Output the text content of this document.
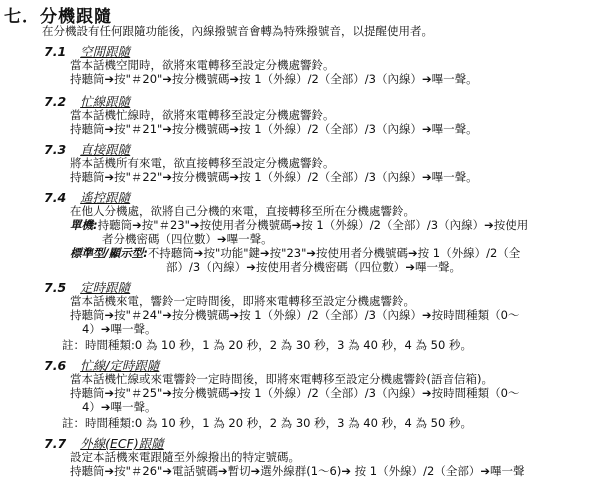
七．分機跟隨
在分機設有任何跟隨功能後，內線撥號音會轉為特殊撥號音，以提醒使用者。
7.1 空閒跟隨
當本話機空閒時，欲將來電轉移至設定分機處響鈴。
持聽筒➔按"＃20"➔按分機號碼➔按 1（外線）/2（全部）/3（內線）➔嗶一聲。
7.2 忙線跟隨
當本話機忙線時，欲將來電轉移至設定分機處響鈴。
持聽筒➔按"＃21"➔按分機號碼➔按 1（外線）/2（全部）/3（內線）➔嗶一聲。
7.3 直接跟隨
將本話機所有來電，欲直接轉移至設定分機處響鈴。
持聽筒➔按"＃22"➔按分機號碼➔按 1（外線）/2（全部）/3（內線）➔嗶一聲。
7.4 遙控跟隨
在他人分機處，欲將自己分機的來電，直接轉移至所在分機處響鈴。
單機:持聽筒➔按"＃23"➔按使用者分機號碼➔按 1（外線）/2（全部）/3（內線）➔按使用
者分機密碼（四位數）➔嗶一聲。
標準型/顯示型:不持聽筒➔按"功能"鍵➔按"23"➔按使用者分機號碼➔按 1（外線）/2（全
部）/3（內線）➔按使用者分機密碼（四位數）➔嗶一聲。
7.5 定時跟隨
當本話機來電，響鈴一定時間後，即將來電轉移至設定分機處響鈴。
持聽筒➔按"＃24"➔按分機號碼➔按 1（外線）/2（全部）/3（內線）➔按時間種類（0～
4）➔嗶一聲。
註：時間種類:0 為 10 秒，1 為 20 秒，2 為 30 秒，3 為 40 秒，4 為 50 秒。
7.6 忙線/定時跟隨
當本話機忙線或來電響鈴一定時間後，即將來電轉移至設定分機處響鈴(語音信箱)。
持聽筒➔按"＃25"➔按分機號碼➔按 1（外線）/2（全部）/3（內線）➔按時間種類（0～
4）➔嗶一聲。
註：時間種類:0 為 10 秒，1 為 20 秒，2 為 30 秒，3 為 40 秒，4 為 50 秒。
7.7 外線(ECF)跟隨
設定本話機來電跟隨至外線撥出的特定號碼。
持聽筒➔按"＃26"➔電話號碼➔暫切➔選外線群(1～6)➔ 按 1（外線）/2（全部）➔嗶一聲
